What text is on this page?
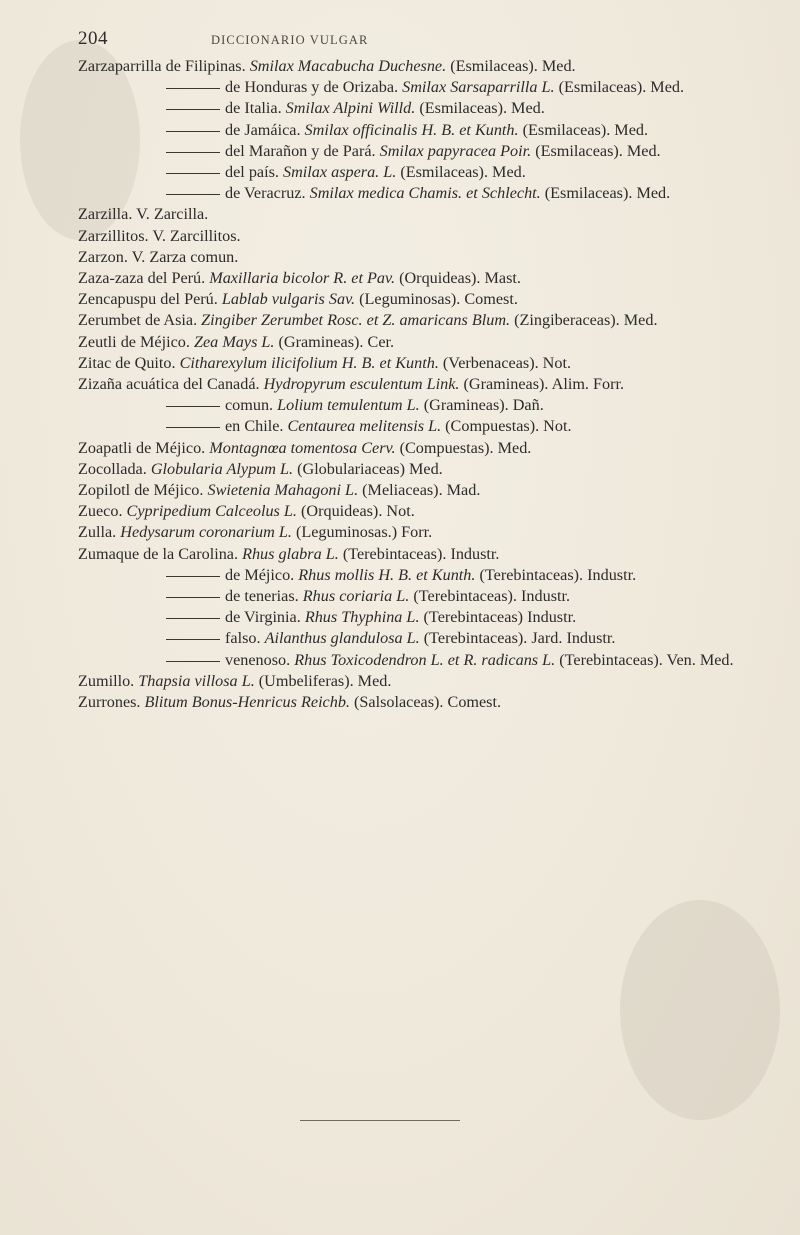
204	DICCIONARIO VULGAR
Zarzaparrilla de Filipinas. Smilax Macabucha Duchesne. (Esmilaceas). Med.
de Honduras y de Orizaba. Smilax Sarsaparrilla L. (Esmilaceas). Med.
de Italia. Smilax Alpini Willd. (Esmilaceas). Med.
de Jamáica. Smilax officinalis H. B. et Kunth. (Esmilaceas). Med.
del Marañon y de Pará. Smilax papyracea Poir. (Esmilaceas). Med.
del país. Smilax aspera. L. (Esmilaceas). Med.
de Veracruz. Smilax medica Chamis. et Schlecht. (Esmilaceas). Med.
Zarzilla. V. Zarcilla.
Zarzillitos. V. Zarcillitos.
Zarzon. V. Zarza comun.
Zaza-zaza del Perú. Maxillaria bicolor R. et Pav. (Orquideas). Mast.
Zencapuspu del Perú. Lablab vulgaris Sav. (Leguminosas). Comest.
Zerumbet de Asia. Zingiber Zerumbet Rosc. et Z. amaricans Blum. (Zingiberaceas). Med.
Zeutli de Méjico. Zea Mays L. (Gramineas). Cer.
Zitac de Quito. Citharexylum ilicifolium H. B. et Kunth. (Verbenaceas). Not.
Zizaña acuática del Canadá. Hydropyrum esculentum Link. (Gramineas). Alim. Forr.
comun. Lolium temulentum L. (Gramineas). Dañ.
en Chile. Centaurea melitensis L. (Compuestas). Not.
Zoapatli de Méjico. Montagnœa tomentosa Cerv. (Compuestas). Med.
Zocollada. Globularia Alypum L. (Globulariaceas) Med.
Zopilotl de Méjico. Swietenia Mahagoni L. (Meliaceas). Mad.
Zueco. Cypripedium Calceolus L. (Orquideas). Not.
Zulla. Hedysarum coronarium L. (Leguminosas.) Forr.
Zumaque de la Carolina. Rhus glabra L. (Terebintaceas). Industr.
de Méjico. Rhus mollis H. B. et Kunth. (Terebintaceas). Industr.
de tenerias. Rhus coriaria L. (Terebintaceas). Industr.
de Virginia. Rhus Thyphina L. (Terebintaceas) Industr.
falso. Ailanthus glandulosa L. (Terebintaceas). Jard. Industr.
venenoso. Rhus Toxicodendron L. et R. radicans L. (Terebintaceas). Ven. Med.
Zumillo. Thapsia villosa L. (Umbeliferas). Med.
Zurrones. Blitum Bonus-Henricus Reichb. (Salsolaceas). Comest.
